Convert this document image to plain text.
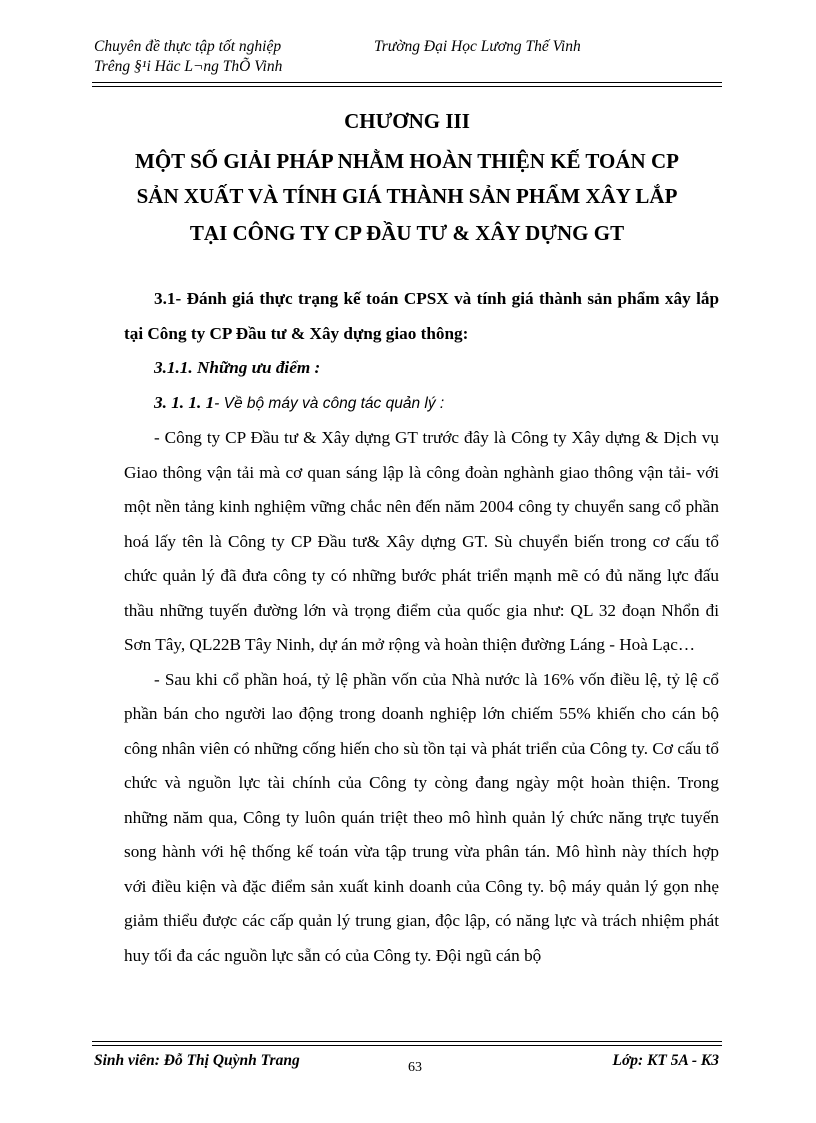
Chuyên đề thực tập tốt nghiệp	Trường Đại Học Lương Thế Vinh
Trêng §¹i Häc L¬ng ThÕ Vinh
CHƯƠNG III
MỘT SỐ GIẢI PHÁP NHẰM HOÀN THIỆN KẾ TOÁN CP
SẢN XUẤT VÀ TÍNH GIÁ THÀNH SẢN PHẨM XÂY LẮP
TẠI CÔNG TY CP ĐẦU TƯ & XÂY DỰNG GT

3.1- Đánh giá thực trạng kế toán CPSX và tính giá thành sản phẩm xây lắp tại Công ty CP Đầu tư & Xây dựng giao thông:

3.1.1. Những ưu điểm :

3. 1. 1. 1- Về bộ máy và công tác quản lý :

- Công ty CP Đầu tư & Xây dựng GT trước đây là Công ty Xây dựng & Dịch vụ Giao thông vận tải mà cơ quan sáng lập là công đoàn nghành giao thông vận tải- với một nền tảng kinh nghiệm vững chắc nên đến năm 2004 công ty chuyển sang cổ phần hoá lấy tên là Công ty CP Đầu tư& Xây dựng GT. Sù chuyển biến trong cơ cấu tổ chức quản lý đã đưa công ty có những bước phát triển mạnh mẽ có đủ năng lực đấu thầu những tuyến đường lớn và trọng điểm của quốc gia như: QL 32 đoạn Nhổn đi Sơn Tây, QL22B Tây Ninh, dự án mở rộng và hoàn thiện đường Láng - Hoà Lạc…

- Sau khi cổ phần hoá, tỷ lệ phần vốn của Nhà nước là 16% vốn điều lệ, tỷ lệ cổ phần bán cho người lao động trong doanh nghiệp lớn chiếm 55% khiến cho cán bộ công nhân viên có những cống hiến cho sù tồn tại và phát triển của Công ty. Cơ cấu tổ chức và nguồn lực tài chính của Công ty còng đang ngày một hoàn thiện. Trong những năm qua, Công ty luôn quán triệt theo mô hình quản lý chức năng trực tuyến song hành với hệ thống kế toán vừa tập trung vừa phân tán. Mô hình này thích hợp với điều kiện và đặc điểm sản xuất kinh doanh của Công ty. bộ máy quản lý gọn nhẹ giảm thiểu được các cấp quản lý trung gian, độc lập, có năng lực và trách nhiệm phát huy tối đa các nguồn lực sẵn có của Công ty. Đội ngũ cán bộ

Sinh viên: Đỗ Thị Quỳnh Trang	63	Lớp: KT 5A - K3
